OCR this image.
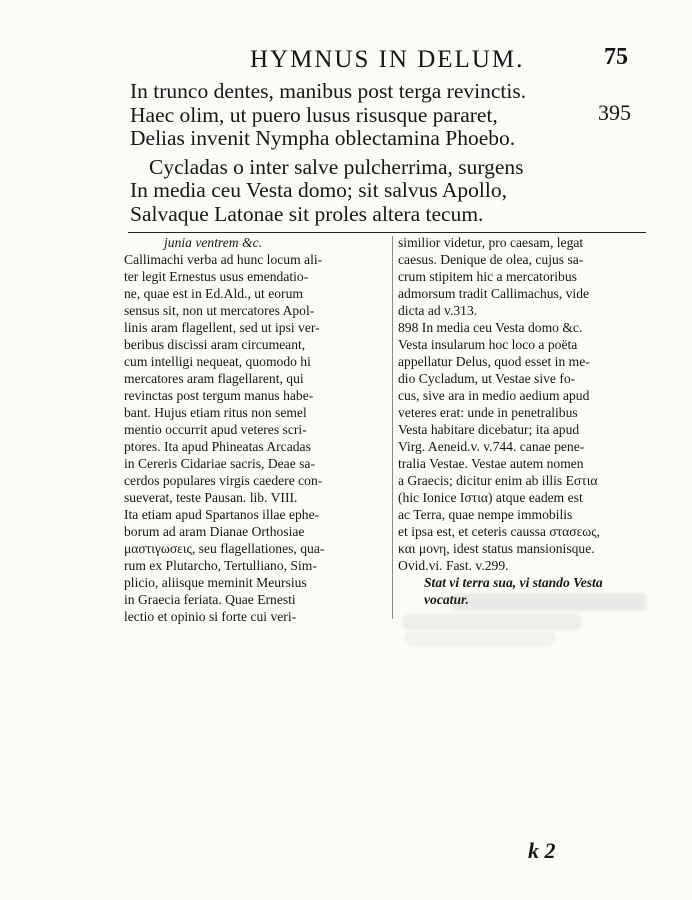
HYMNUS IN DELUM.	75
In trunco dentes, manibus post terga revinctis.
Haec olim, ut puero lusus risusque pararet,
Delias invenit Nympha oblectamina Phoebo.
Cycladas o inter salve pulcherrima, surgens
In media ceu Vesta domo; sit salvus Apollo,
Salvaque Latonae sit proles altera tecum.
395
junia ventrem &c.
Callimachi verba ad hunc locum ali-
ter legit Ernestus usus emendatio-
ne, quae est in Ed.Ald., ut eorum
sensus sit, non ut mercatores Apol-
linis aram flagellent, sed ut ipsi ver-
beribus discissi aram circumeant,
cum intelligi nequeat, quomodo hi
mercatores aram flagellarent, qui
revinctas post tergum manus habe-
bant. Hujus etiam ritus non semel
mentio occurrit apud veteres scri-
ptores. Ita apud Phineatas Arcadas
in Cereris Cidariae sacris, Deae sa-
cerdos populares virgis caedere con-
sueverat, teste Pausan. lib. VIII.
Ita etiam apud Spartanos illae ephe-
borum ad aram Dianae Orthosiae
μαστιγωσεις, seu flagellationes, qua-
rum ex Plutarcho, Tertulliano, Sim-
plicio, aliisque meminit Meursius
in Graecia feriata. Quae Ernesti
lectio et opinio si forte cui veri-
similior videtur, pro caesam, legat
caesus. Denique de olea, cujus sa-
crum stipitem hic a mercatoribus
admorsum tradit Callimachus, vide
dicta ad v.313.
898 In media ceu Vesta domo &c.
Vesta insularum hoc loco a poëta
appellatur Delus, quod esset in me-
dio Cycladum, ut Vestae sive fo-
cus, sive ara in medio aedium apud
veteres erat: unde in penetralibus
Vesta habitare dicebatur; ita apud
Virg. Aeneid.v. v.744. canae pene-
tralia Vestae. Vestae autem nomen
a Graecis; dicitur enim ab illis Εστια
(hic Ionice Ιστια) atque eadem est
ac Terra, quae nempe immobilis
et ipsa est, et ceteris caussa στασεως,
και μονη, idest status mansionisque.
Ovid.vi. Fast. v.299.
Stat vi terra sua, vi stando Vesta
vocatur.
k 2
